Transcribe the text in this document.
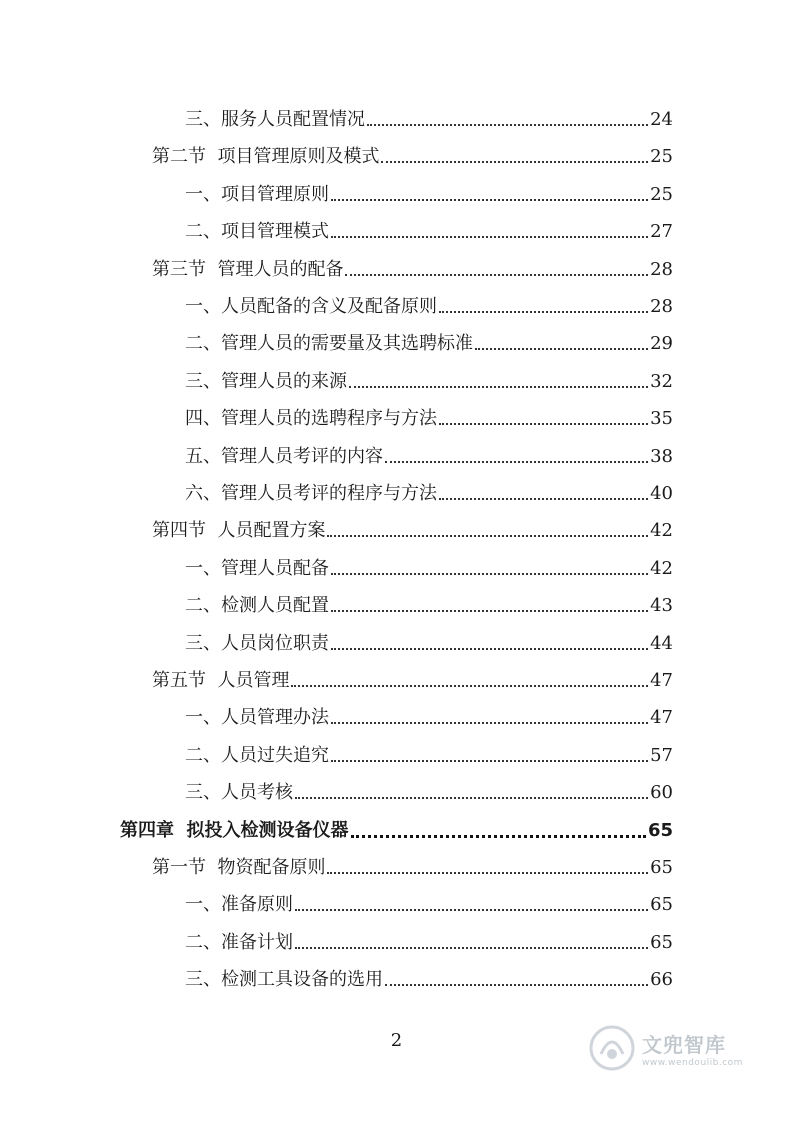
三、服务人员配置情况	24
第二节  项目管理原则及模式	25
一、项目管理原则	25
二、项目管理模式	27
第三节  管理人员的配备	28
一、人员配备的含义及配备原则	28
二、管理人员的需要量及其选聘标准	29
三、管理人员的来源	32
四、管理人员的选聘程序与方法	35
五、管理人员考评的内容	38
六、管理人员考评的程序与方法	40
第四节  人员配置方案	42
一、管理人员配备	42
二、检测人员配置	43
三、人员岗位职责	44
第五节  人员管理	47
一、人员管理办法	47
二、人员过失追究	57
三、人员考核	60
第四章  拟投入检测设备仪器	65
第一节  物资配备原则	65
一、准备原则	65
二、准备计划	65
三、检测工具设备的选用	66
2	文兜智库
www.wendoulib.com
